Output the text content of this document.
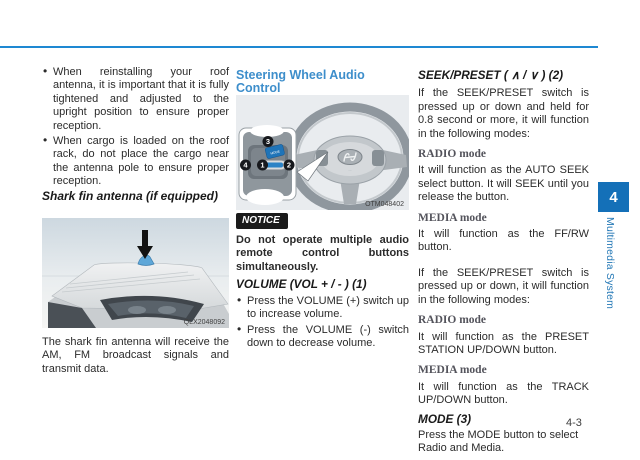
4
Multimedia System
4-3
• When reinstalling your roof antenna, it is important that it is fully tightened and adjusted to the upright position to ensure proper reception.
• When cargo is loaded on the roof rack, do not place the cargo near the antenna pole to ensure proper reception.
Shark fin antenna (if equipped)
QLX2048092

The shark fin antenna will receive the AM, FM broadcast signals and transmit data.

Steering Wheel Audio Control
.....
MODE
3
1	2
4
OTM048402
NOTICE

Do not operate multiple audio remote control buttons simultaneously.

VOLUME (VOL + / - ) (1)
• Press the VOLUME (+) switch up to increase volume.
• Press the VOLUME (-) switch down to decrease volume.
SEEK/PRESET ( ∧ / ∨ ) (2)

If the SEEK/PRESET switch is pressed up or down and held for 0.8 second or more, it will function in the following modes:

RADIO mode

It will function as the AUTO SEEK select button. It will SEEK until you release the button.

MEDIA mode

It will function as the FF/RW button.

If the SEEK/PRESET switch is pressed up or down, it will function in the following modes:

RADIO mode

It will function as the PRESET STATION UP/DOWN button.

MEDIA mode

It will function as the TRACK UP/DOWN button.

MODE (3)

Press the MODE button to select Radio and Media.
